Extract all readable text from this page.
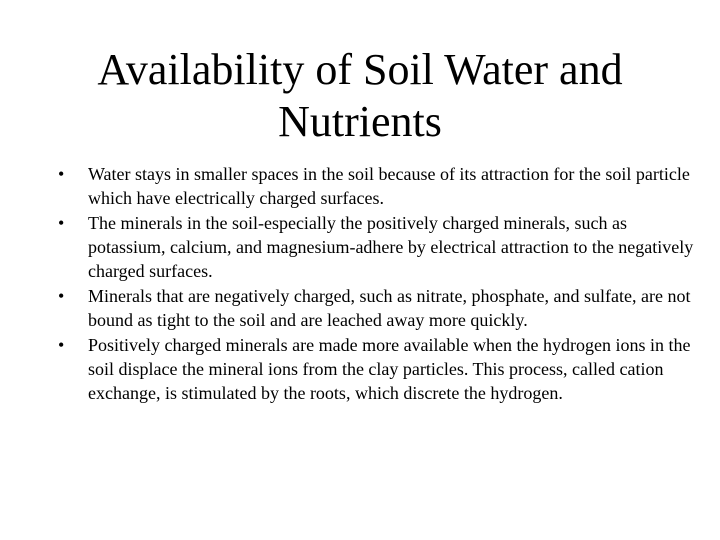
Availability of Soil Water and
Nutrients
•	Water stays in smaller spaces in the soil because of its attraction for the soil particle which have electrically charged surfaces.
•	The minerals in the soil-especially the positively charged minerals, such as potassium, calcium, and magnesium-adhere by electrical attraction to the negatively charged surfaces.
•	Minerals that are negatively charged, such as nitrate, phosphate, and sulfate, are not bound as tight to the soil and are leached away more quickly.
•	Positively charged minerals are made more available when the hydrogen ions in the soil displace the mineral ions from the clay particles. This process, called cation exchange, is stimulated by the roots, which discrete the hydrogen.
